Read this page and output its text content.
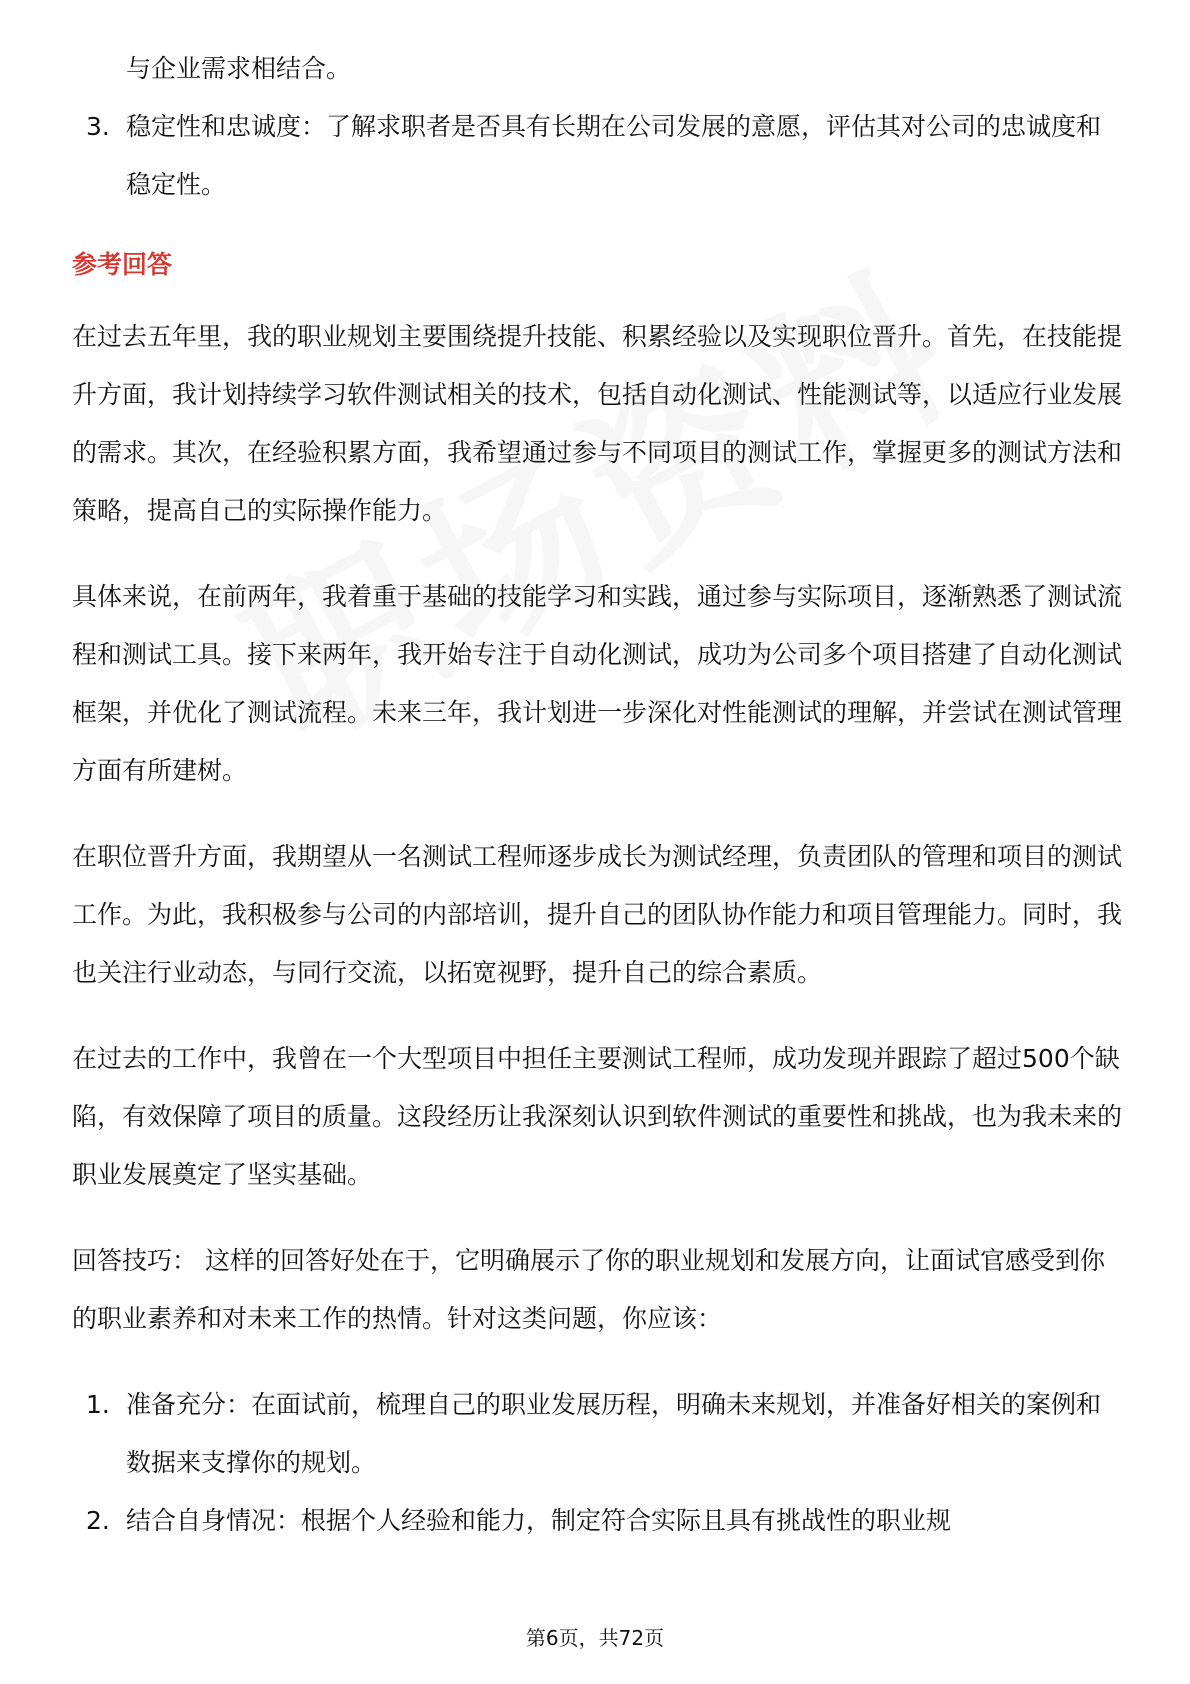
与企业需求相结合。
3. 稳定性和忠诚度：了解求职者是否具有长期在公司发展的意愿，评估其对公司的忠诚度和稳定性。
参考回答

在过去五年里，我的职业规划主要围绕提升技能、积累经验以及实现职位晋升。首先，在技能提升方面，我计划持续学习软件测试相关的技术，包括自动化测试、性能测试等，以适应行业发展的需求。其次，在经验积累方面，我希望通过参与不同项目的测试工作，掌握更多的测试方法和策略，提高自己的实际操作能力。

具体来说，在前两年，我着重于基础的技能学习和实践，通过参与实际项目，逐渐熟悉了测试流程和测试工具。接下来两年，我开始专注于自动化测试，成功为公司多个项目搭建了自动化测试框架，并优化了测试流程。未来三年，我计划进一步深化对性能测试的理解，并尝试在测试管理方面有所建树。

在职位晋升方面，我期望从一名测试工程师逐步成长为测试经理，负责团队的管理和项目的测试工作。为此，我积极参与公司的内部培训，提升自己的团队协作能力和项目管理能力。同时，我也关注行业动态，与同行交流，以拓宽视野，提升自己的综合素质。

在过去的工作中，我曾在一个大型项目中担任主要测试工程师，成功发现并跟踪了超过500个缺陷，有效保障了项目的质量。这段经历让我深刻认识到软件测试的重要性和挑战，也为我未来的职业发展奠定了坚实基础。

回答技巧： 这样的回答好处在于，它明确展示了你的职业规划和发展方向，让面试官感受到你的职业素养和对未来工作的热情。针对这类问题，你应该：

1. 准备充分：在面试前，梳理自己的职业发展历程，明确未来规划，并准备好相关的案例和数据来支撑你的规划。
2. 结合自身情况：根据个人经验和能力，制定符合实际且具有挑战性的职业规
第6页，共72页
